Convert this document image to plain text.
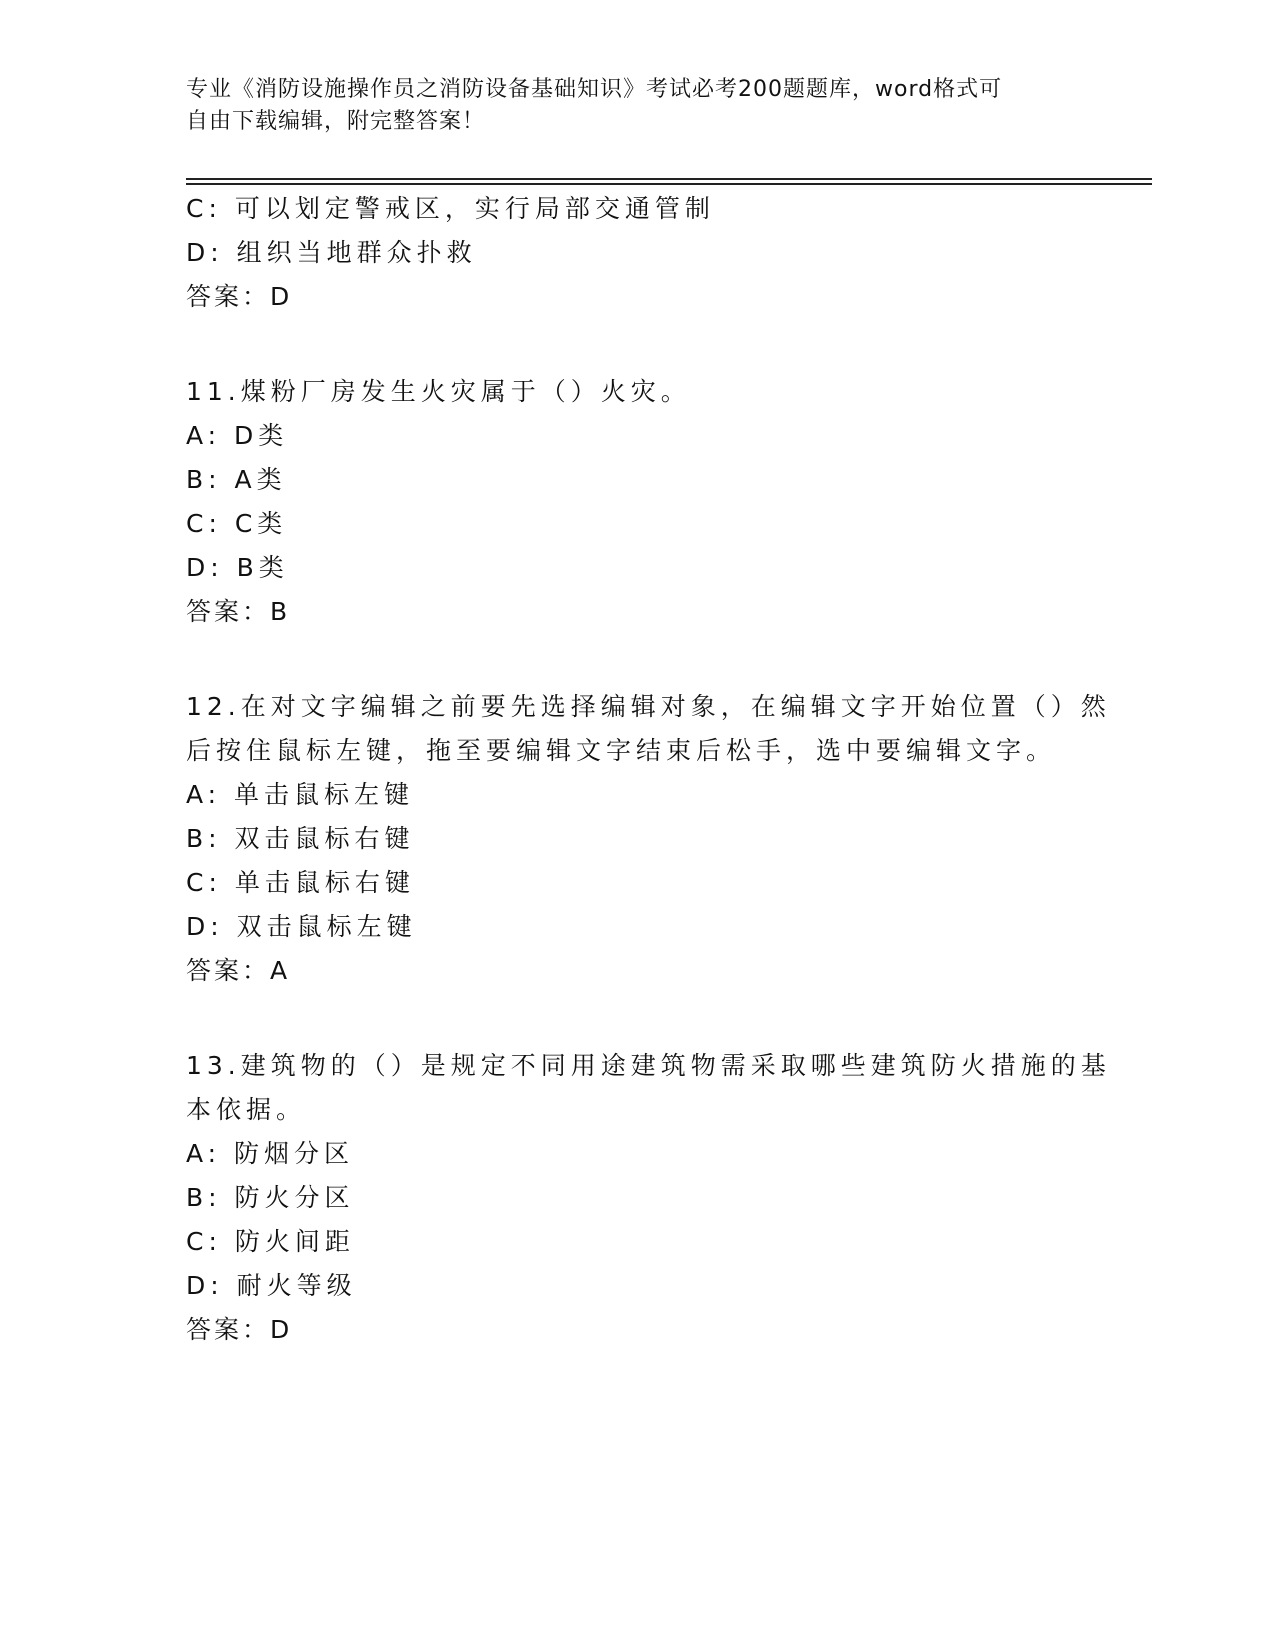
专业《消防设施操作员之消防设备基础知识》考试必考200题题库，word格式可
自由下载编辑，附完整答案！
C: 可以划定警戒区，实行局部交通管制
D: 组织当地群众扑救
答案：D
11.煤粉厂房发生火灾属于（）火灾。
A: D类
B: A类
C: C类
D: B类
答案：B
12.在对文字编辑之前要先选择编辑对象，在编辑文字开始位置（）然
后按住鼠标左键，拖至要编辑文字结束后松手，选中要编辑文字。
A: 单击鼠标左键
B: 双击鼠标右键
C: 单击鼠标右键
D: 双击鼠标左键
答案：A
13.建筑物的（）是规定不同用途建筑物需采取哪些建筑防火措施的基
本依据。
A: 防烟分区
B: 防火分区
C: 防火间距
D: 耐火等级
答案：D
